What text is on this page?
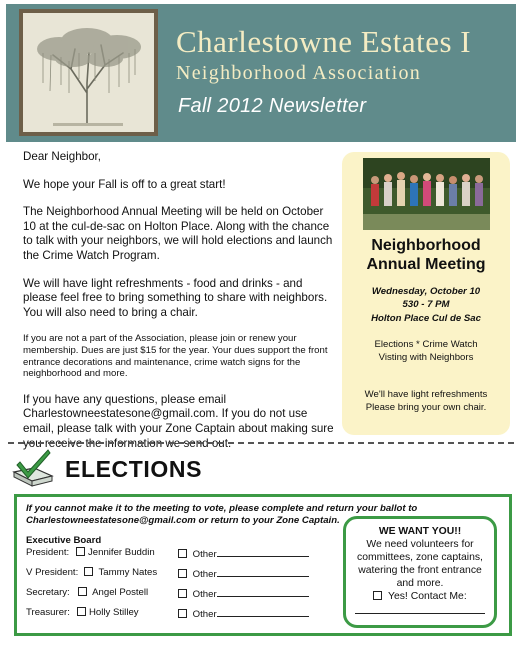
Charlestowne Estates I
Neighborhood Association
Fall 2012 Newsletter

Dear Neighbor,

We hope your Fall is off to a great start!

The Neighborhood Annual Meeting will be held on October 10 at the cul-de-sac on Holton Place. Along with the chance to talk with your neighbors, we will hold elections and launch the Crime Watch Program.

We will have light refreshments - food and drinks - and please feel free to bring something to share with neighbors. You will also need to bring a chair.

If you are not a part of the Association, please join or renew your membership. Dues are just $15 for the year. Your dues support the front entrance decorations and maintenance, crime watch signs for the neighborhood and more.

If you have any questions, please email Charlestowneestatesone@gmail.com. If you do not use email, please talk with your Zone Captain about making sure you receive the information we send out.

Neighborhood
Annual Meeting
Wednesday, October 10
530 - 7 PM
Holton Place Cul de Sac
Elections * Crime Watch
Visting with Neighbors
We'll have light refreshments
Please bring your own chair.
ELECTIONS
If you cannot make it to the meeting to vote, please complete and return your ballot to
Charlestowneestatesone@gmail.com or return to your Zone Captain.
Executive Board
President:	Jennifer Buddin	Other
V President:	Tammy Nates	Other
Secretary:	Angel Postell	Other
Treasurer:	Holly Stilley	Other
WE WANT YOU!!
We need volunteers for
committees, zone captains,
watering the front entrance
and more.
Yes! Contact Me:
